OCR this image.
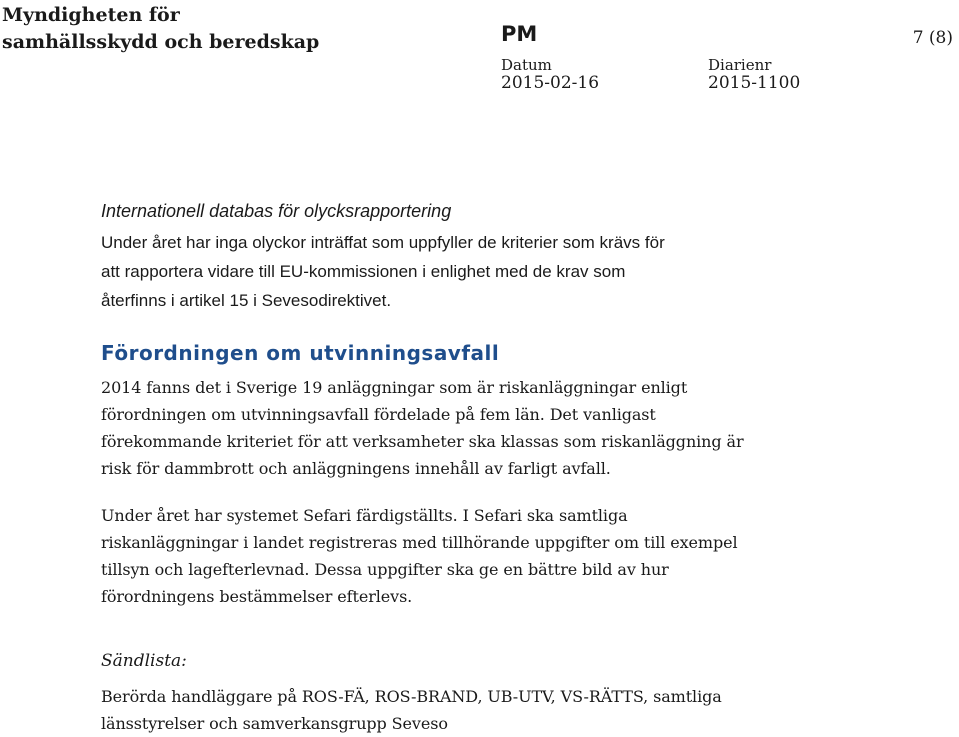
Myndigheten för
samhällsskydd och beredskap	PM	7 (8)
Datum
2015-02-16
Diarienr
2015-1100
Internationell databas för olycksrapportering
Under året har inga olyckor inträffat som uppfyller de kriterier som krävs för
att rapportera vidare till EU-kommissionen i enlighet med de krav som
återfinns i artikel 15 i Sevesodirektivet.
Förordningen om utvinningsavfall
2014 fanns det i Sverige 19 anläggningar som är riskanläggningar enligt
förordningen om utvinningsavfall fördelade på fem län. Det vanligast
förekommande kriteriet för att verksamheter ska klassas som riskanläggning är
risk för dammbrott och anläggningens innehåll av farligt avfall.
Under året har systemet Sefari färdigställts. I Sefari ska samtliga
riskanläggningar i landet registreras med tillhörande uppgifter om till exempel
tillsyn och lagefterlevnad. Dessa uppgifter ska ge en bättre bild av hur
förordningens bestämmelser efterlevs.
Sändlista:
Berörda handläggare på ROS-FÄ, ROS-BRAND, UB-UTV, VS-RÄTTS, samtliga
länsstyrelser och samverkansgrupp Seveso
